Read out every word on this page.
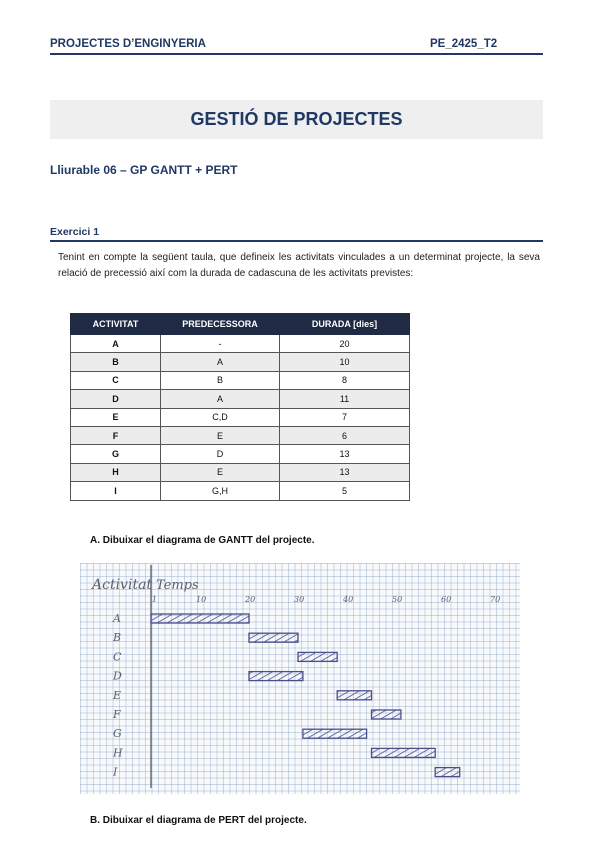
PROJECTES D’ENGINYERIA	PE_2425_T2
GESTIÓ DE PROJECTES
Lliurable 06 – GP GANTT + PERT
Exercici 1
Tenint en compte la següent taula, que defineix les activitats vinculades a un determinat projecte, la seva relació de precessió així com la durada de cadascuna de les activitats previstes:
ACTIVITAT	PREDECESSORA	DURADA [dies]
A	-	20
B	A	10
C	B	8
D	A	11
E	C,D	7
F	E	6
G	D	13
H	E	13
I	G,H	5
A. Dibuixar el diagrama de GANTT del projecte.
Activitat Temps
1	10	20	30	40	50	60	70
A
B
C
D
E
F
G
H
I
B. Dibuixar el diagrama de PERT del projecte.
